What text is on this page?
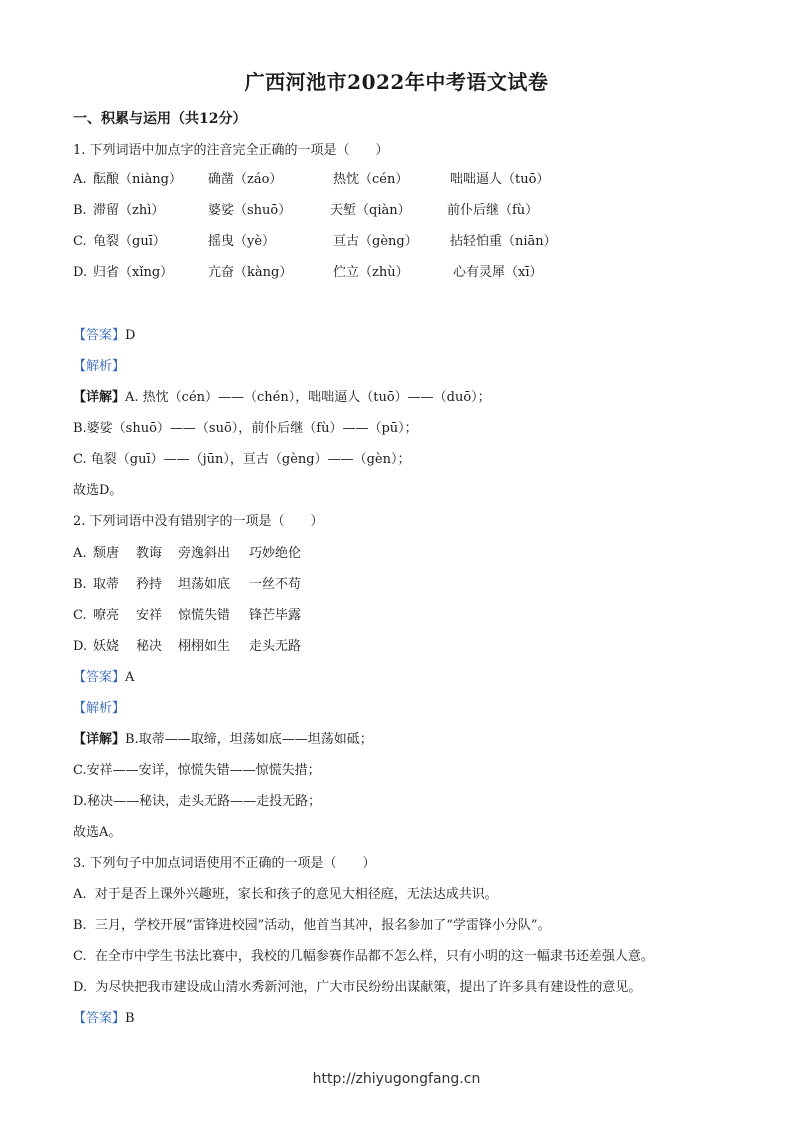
广西河池市2022年中考语文试卷
一、积累与运用（共12分）
1. 下列词语中加点字的注音完全正确的一项是（　　）
A. 酝酿（niàng） 确凿（záo）	热忱（cén）	咄咄逼人（tuō）
B. 滞留（zhì）	婆娑（shuō）	天堑（qiàn）	前仆后继（fù）
C. 龟裂（guī）	摇曳（yè）	亘古（gèng） 拈轻怕重（niān）
D. 归省（xǐng）	亢奋（kàng）	伫立（zhù）	心有灵犀（xī）
【答案】D
【解析】
【详解】A. 热忱（cén）——（chén），咄咄逼人（tuō）——（duō）；
B.婆娑（shuō）——（suō），前仆后继（fù）——（pū）；
C. 龟裂（guī）——（jūn），亘古（gèng）——（gèn）；
故选D。
2. 下列词语中没有错别字的一项是（　　）
A. 颓唐 教诲 旁逸斜出 巧妙绝伦
B. 取蒂 矜持 坦荡如底 一丝不苟
C. 嘹亮 安祥 惊慌失错 锋芒毕露
D. 妖娆 秘决 栩栩如生 走头无路
【答案】A
【解析】
【详解】B.取蒂——取缔，坦荡如底——坦荡如砥；
C.安祥——安详，惊慌失错——惊慌失措；
D.秘决——秘诀，走头无路——走投无路；
故选A。
3. 下列句子中加点词语使用不正确的一项是（　　）
A. 对于是否上课外兴趣班，家长和孩子的意见大相径庭，无法达成共识。
B. 三月，学校开展“雷锋进校园”活动，他首当其冲，报名参加了“学雷锋小分队”。
C. 在全市中学生书法比赛中，我校的几幅参赛作品都不怎么样，只有小明的这一幅隶书还差强人意。
D. 为尽快把我市建设成山清水秀新河池，广大市民纷纷出谋献策，提出了许多具有建设性的意见。
【答案】B
http://zhiyugongfang.cn
